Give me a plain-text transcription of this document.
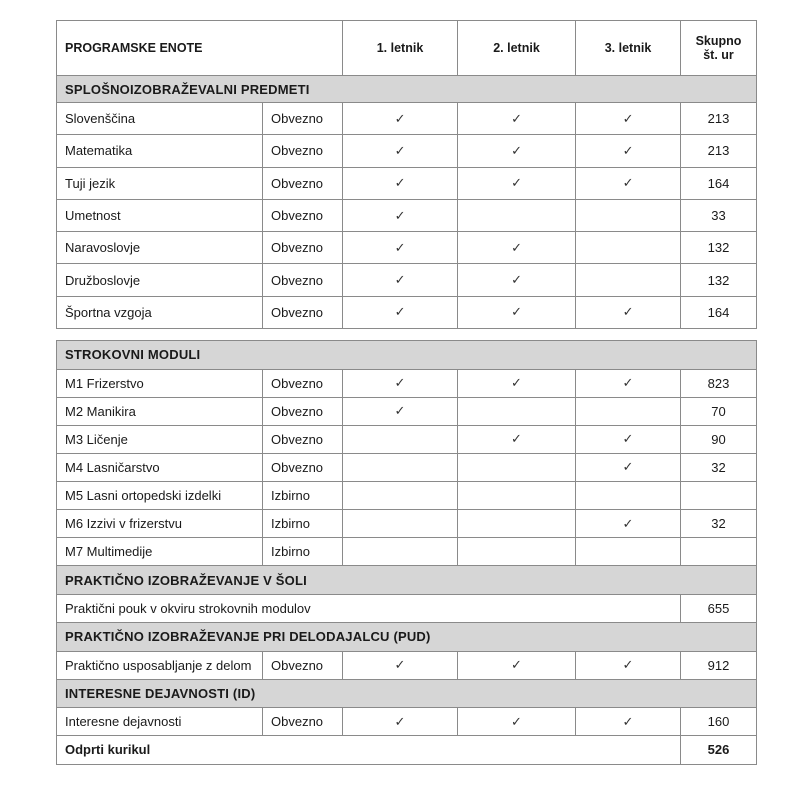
PROGRAMSKE ENOTE		1. letnik	2. letnik	3. letnik	Skupno
št. ur
SPLOŠNOIZOBRAŽEVALNI PREDMETI					
Slovenščina	Obvezno	✓	✓	✓	213
Matematika	Obvezno	✓	✓	✓	213
Tuji jezik	Obvezno	✓	✓	✓	164
Umetnost	Obvezno	✓			33
Naravoslovje	Obvezno	✓	✓		132
Družboslovje	Obvezno	✓	✓		132
Športna vzgoja	Obvezno	✓	✓	✓	164
STROKOVNI MODULI					
M1 Frizerstvo	Obvezno	✓	✓	✓	823
M2 Manikira	Obvezno	✓			70
M3 Ličenje	Obvezno		✓	✓	90
M4 Lasničarstvo	Obvezno			✓	32
M5 Lasni ortopedski izdelki	Izbirno				
M6 Izzivi v frizerstvu	Izbirno			✓	32
M7 Multimedije	Izbirno				
PRAKTIČNO IZOBRAŽEVANJE V ŠOLI					
Praktični pouk v okviru strokovnih modulov					655
PRAKTIČNO IZOBRAŽEVANJE PRI DELODAJALCU (PUD)					
Praktično usposabljanje z delom	Obvezno	✓	✓	✓	912
INTERESNE DEJAVNOSTI (ID)					
Interesne dejavnosti	Obvezno	✓	✓	✓	160
Odprti kurikul					526
